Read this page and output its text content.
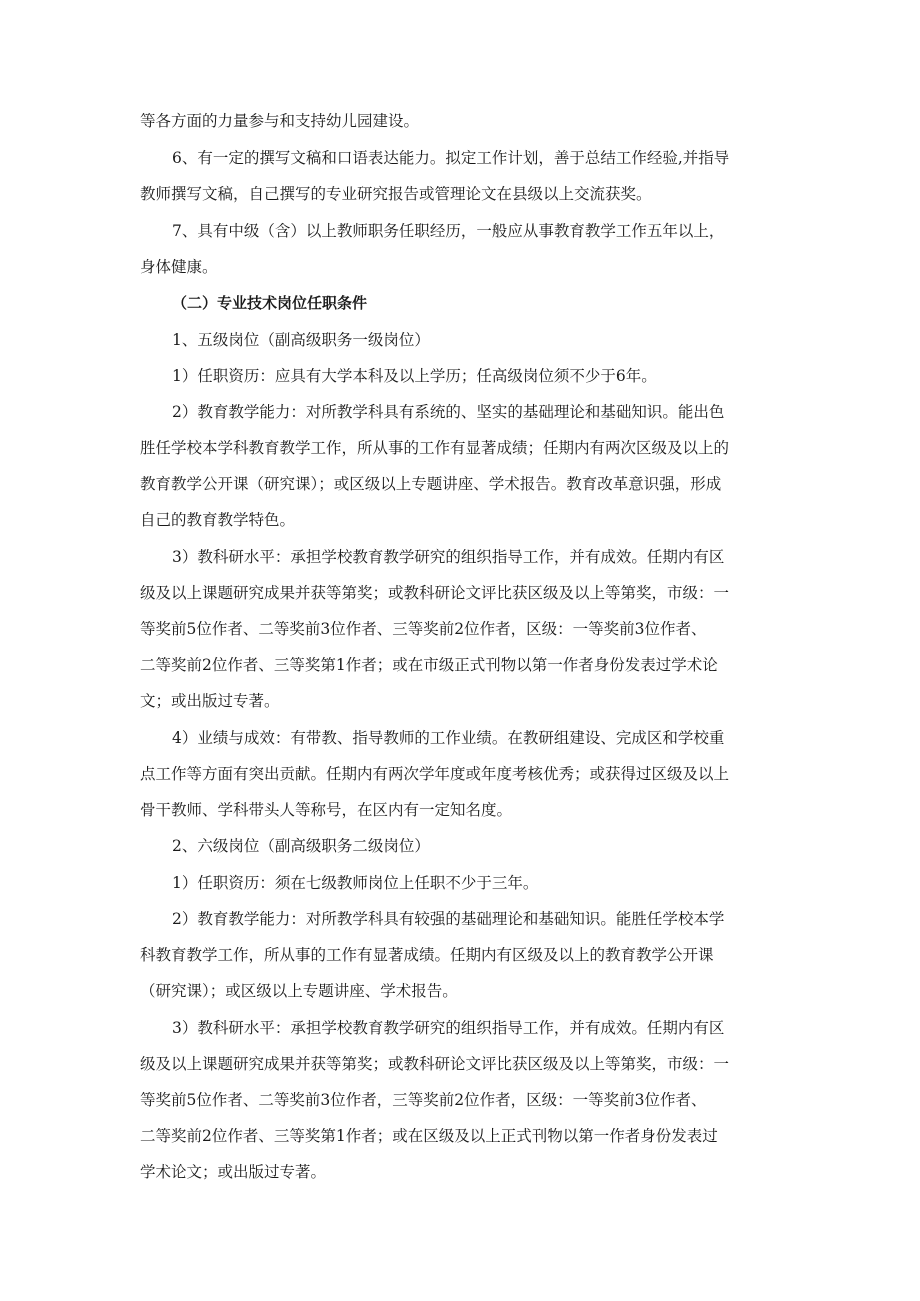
等各方面的力量参与和支持幼儿园建设。
6、有一定的撰写文稿和口语表达能力。拟定工作计划，善于总结工作经验,并指导
教师撰写文稿，自己撰写的专业研究报告或管理论文在县级以上交流获奖。
7、具有中级（含）以上教师职务任职经历，一般应从事教育教学工作五年以上，
身体健康。
（二）专业技术岗位任职条件
1、五级岗位（副高级职务一级岗位）
1）任职资历：应具有大学本科及以上学历；任高级岗位须不少于6年。
2）教育教学能力：对所教学科具有系统的、坚实的基础理论和基础知识。能出色
胜任学校本学科教育教学工作，所从事的工作有显著成绩；任期内有两次区级及以上的
教育教学公开课（研究课）；或区级以上专题讲座、学术报告。教育改革意识强，形成
自己的教育教学特色。
3）教科研水平：承担学校教育教学研究的组织指导工作，并有成效。任期内有区
级及以上课题研究成果并获等第奖；或教科研论文评比获区级及以上等第奖，市级：一
等奖前5位作者、二等奖前3位作者、三等奖前2位作者，区级：一等奖前3位作者、
二等奖前2位作者、三等奖第1作者；或在市级正式刊物以第一作者身份发表过学术论
文；或出版过专著。
4）业绩与成效：有带教、指导教师的工作业绩。在教研组建设、完成区和学校重
点工作等方面有突出贡献。任期内有两次学年度或年度考核优秀；或获得过区级及以上
骨干教师、学科带头人等称号，在区内有一定知名度。
2、六级岗位（副高级职务二级岗位）
1）任职资历：须在七级教师岗位上任职不少于三年。
2）教育教学能力：对所教学科具有较强的基础理论和基础知识。能胜任学校本学
科教育教学工作，所从事的工作有显著成绩。任期内有区级及以上的教育教学公开课
（研究课）；或区级以上专题讲座、学术报告。
3）教科研水平：承担学校教育教学研究的组织指导工作，并有成效。任期内有区
级及以上课题研究成果并获等第奖；或教科研论文评比获区级及以上等第奖，市级：一
等奖前5位作者、二等奖前3位作者，三等奖前2位作者，区级：一等奖前3位作者、
二等奖前2位作者、三等奖第1作者；或在区级及以上正式刊物以第一作者身份发表过
学术论文；或出版过专著。
